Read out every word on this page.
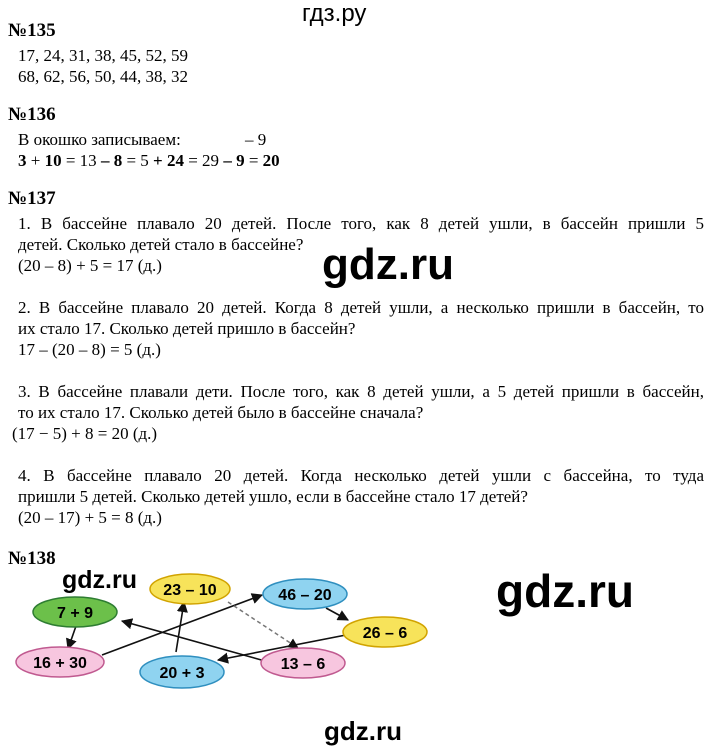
гдз.ру
№135
17, 24, 31, 38, 45, 52, 59
68, 62, 56, 50, 44, 38, 32
№136
В окошко записываем:	– 9
3 + 10 = 13 – 8 = 5 + 24 = 29 – 9 = 20
№137
1. В бассейне плавало 20 детей. После того, как 8 детей ушли, в бассейн пришли 5
детей. Сколько детей стало в бассейне?
(20 – 8) + 5 = 17 (д.)
2. В бассейне плавало 20 детей. Когда 8 детей ушли, а несколько пришли в бассейн, то
их стало 17. Сколько детей пришло в бассейн?
17 – (20 – 8) = 5 (д.)
3. В бассейне плавали дети. После того, как 8 детей ушли, а 5 детей пришли в бассейн,
то их стало 17. Сколько детей было в бассейне сначала?
(17 − 5) + 8 = 20 (д.)
4. В бассейне плавало 20 детей. Когда несколько детей ушли с бассейна, то туда
пришли 5 детей. Сколько детей ушло, если в бассейне стало 17 детей?
(20 – 17) + 5 = 8 (д.)
№138
7 + 9
23 – 10	46 – 20
26 – 6
16 + 30
20 + 3
13 – 6
gdz.ru
gdz.ru	gdz.ru
gdz.ru
